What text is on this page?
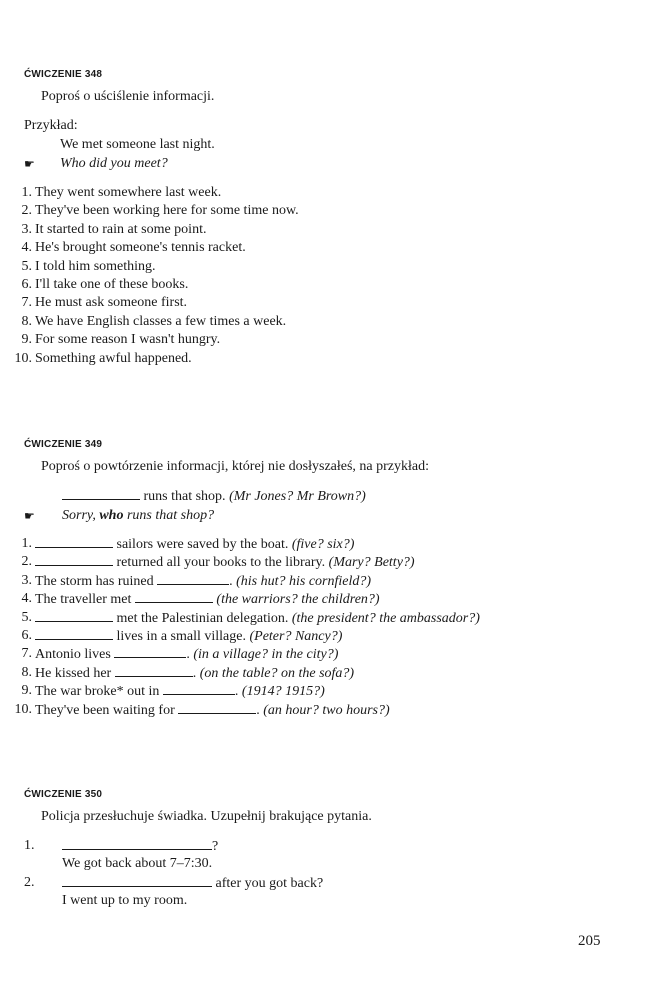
ĆWICZENIE 348
Poproś o uściślenie informacji.
Przykład:
We met someone last night.
☛ Who did you meet?
1. They went somewhere last week.
2. They've been working here for some time now.
3. It started to rain at some point.
4. He's brought someone's tennis racket.
5. I told him something.
6. I'll take one of these books.
7. He must ask someone first.
8. We have English classes a few times a week.
9. For some reason I wasn't hungry.
10. Something awful happened.
ĆWICZENIE 349
Poproś o powtórzenie informacji, której nie dosłyszałeś, na przykład:
runs that shop. (Mr Jones? Mr Brown?)
☛ Sorry, who runs that shop?
1.	sailors were saved by the boat. (five? six?)
2.	returned all your books to the library. (Mary? Betty?)
3. The storm has ruined	. (his hut? his cornfield?)
4. The traveller met	(the warriors? the children?)
5.	met the Palestinian delegation. (the president? the ambassador?)
6.	lives in a small village. (Peter? Nancy?)
7. Antonio lives	. (in a village? in the city?)
8. He kissed her	. (on the table? on the sofa?)
9. The war broke* out in	. (1914? 1915?)
10. They've been waiting for	. (an hour? two hours?)
ĆWICZENIE 350
Policja przesłuchuje świadka. Uzupełnij brakujące pytania.
1.	?
We got back about 7–7:30.
2.	after you got back?
I went up to my room.
205
